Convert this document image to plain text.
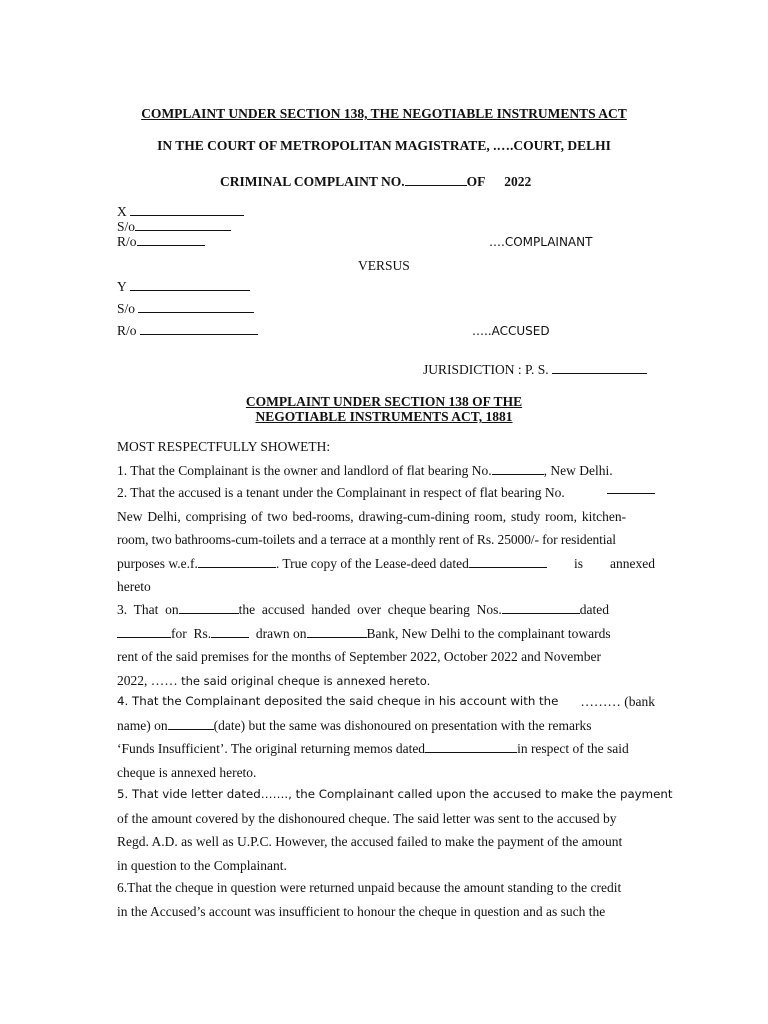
COMPLAINT UNDER SECTION 138, THE NEGOTIABLE INSTRUMENTS ACT
IN THE COURT OF METROPOLITAN MAGISTRATE, .….COURT, DELHI
CRIMINAL COMPLAINT NO.	OF 2022
X
S/o
R/o	….COMPLAINANT
VERSUS
Y
S/o
R/o	…..ACCUSED
JURISDICTION : P. S.
COMPLAINT UNDER SECTION 138 OF THE
NEGOTIABLE INSTRUMENTS ACT, 1881
MOST RESPECTFULLY SHOWETH:
1. That the Complainant is the owner and landlord of flat bearing No.	, New Delhi.
2. That the accused is a tenant under the Complainant in respect of flat bearing No.
New Delhi, comprising of two bed-rooms, drawing-cum-dining room, study room, kitchen-
room, two bathrooms-cum-toilets and a terrace at a monthly rent of Rs. 25000/- for residential
purposes w.e.f.	. True copy of the Lease-deed dated	is annexed
hereto
3.  That  on	the  accused  handed  over  cheque bearing  Nos.	dated
for  Rs.	drawn on	Bank, New Delhi to the complainant towards
rent of the said premises for the months of September 2022, October 2022 and November
2022, …… the said original cheque is annexed hereto.
4. That the Complainant deposited the said cheque in his account with the ……… (bank
name) on	(date) but the same was dishonoured on presentation with the remarks
‘Funds Insufficient’. The original returning memos dated	in respect of the said
cheque is annexed hereto.
5. That vide letter dated……., the Complainant called upon the accused to make the payment
of the amount covered by the dishonoured cheque. The said letter was sent to the accused by
Regd. A.D. as well as U.P.C. However, the accused failed to make the payment of the amount
in question to the Complainant.
6.That the cheque in question were returned unpaid because the amount standing to the credit
in the Accused’s account was insufficient to honour the cheque in question and as such the
